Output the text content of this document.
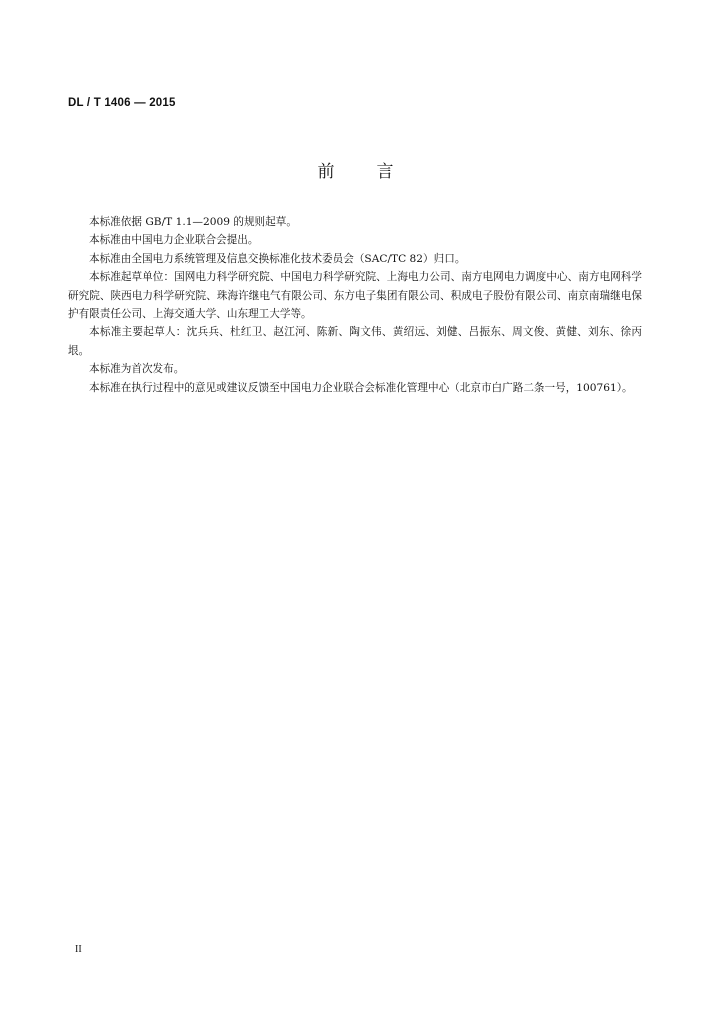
DL / T 1406 — 2015
前言

本标准依据 GB/T 1.1—2009 的规则起草。

本标准由中国电力企业联合会提出。

本标准由全国电力系统管理及信息交换标准化技术委员会（SAC/TC 82）归口。

本标准起草单位：国网电力科学研究院、中国电力科学研究院、上海电力公司、南方电网电力调度中心、南方电网科学研究院、陕西电力科学研究院、珠海许继电气有限公司、东方电子集团有限公司、积成电子股份有限公司、南京南瑞继电保护有限责任公司、上海交通大学、山东理工大学等。

本标准主要起草人：沈兵兵、杜红卫、赵江河、陈新、陶文伟、黄绍远、刘健、吕振东、周文俊、黄健、刘东、徐丙垠。

本标准为首次发布。

本标准在执行过程中的意见或建议反馈至中国电力企业联合会标准化管理中心（北京市白广路二条一号，100761）。

II
